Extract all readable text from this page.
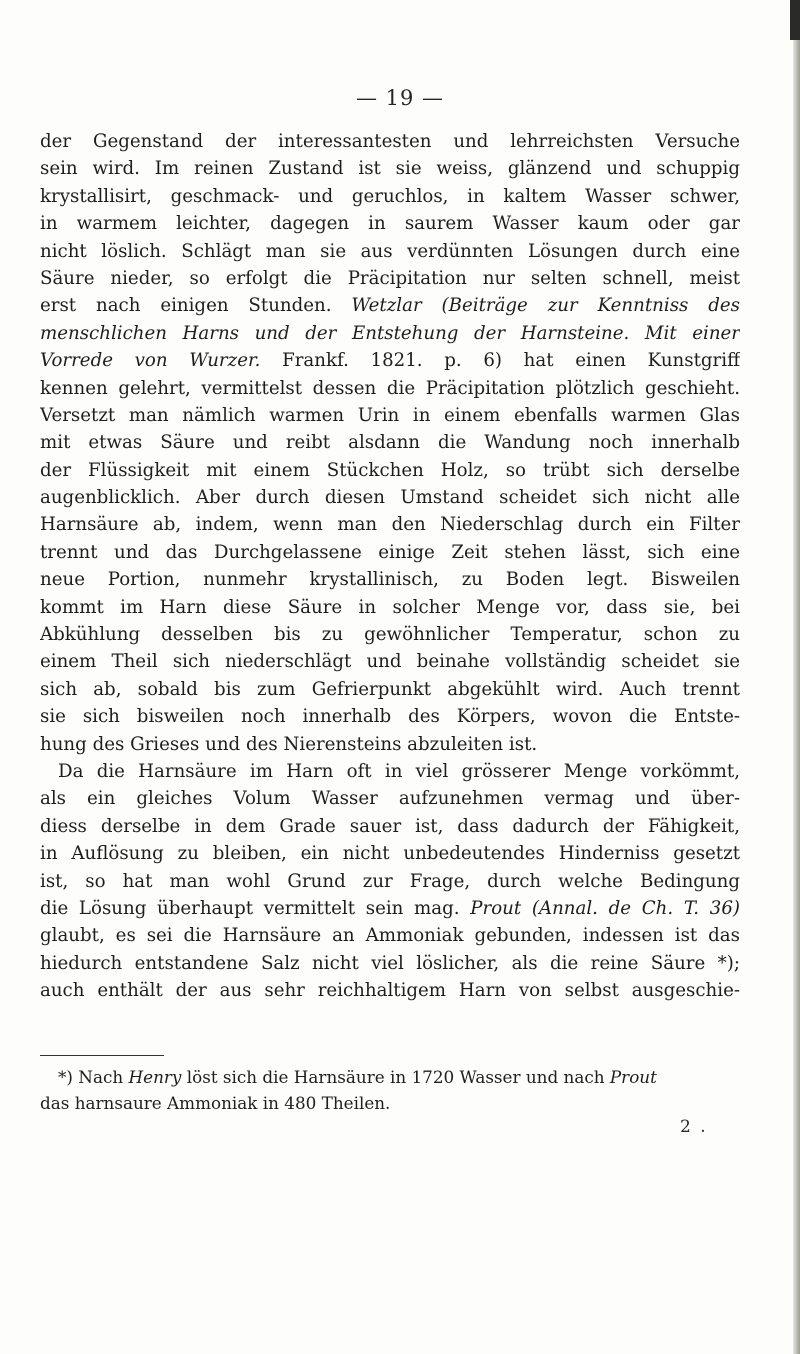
— 19 —
der Gegenstand der interessantesten und lehrreichsten Versuche
sein wird. Im reinen Zustand ist sie weiss, glänzend und schuppig
krystallisirt, geschmack- und geruchlos, in kaltem Wasser schwer,
in warmem leichter, dagegen in saurem Wasser kaum oder gar
nicht löslich. Schlägt man sie aus verdünnten Lösungen durch eine
Säure nieder, so erfolgt die Präcipitation nur selten schnell, meist
erst nach einigen Stunden. Wetzlar (Beiträge zur Kenntniss des
menschlichen Harns und der Entstehung der Harnsteine. Mit einer
Vorrede von Wurzer. Frankf. 1821. p. 6) hat einen Kunstgriff
kennen gelehrt, vermittelst dessen die Präcipitation plötzlich geschieht.
Versetzt man nämlich warmen Urin in einem ebenfalls warmen Glas
mit etwas Säure und reibt alsdann die Wandung noch innerhalb
der Flüssigkeit mit einem Stückchen Holz, so trübt sich derselbe
augenblicklich. Aber durch diesen Umstand scheidet sich nicht alle
Harnsäure ab, indem, wenn man den Niederschlag durch ein Filter
trennt und das Durchgelassene einige Zeit stehen lässt, sich eine
neue Portion, nunmehr krystallinisch, zu Boden legt. Bisweilen
kommt im Harn diese Säure in solcher Menge vor, dass sie, bei
Abkühlung desselben bis zu gewöhnlicher Temperatur, schon zu
einem Theil sich niederschlägt und beinahe vollständig scheidet sie
sich ab, sobald bis zum Gefrierpunkt abgekühlt wird. Auch trennt
sie sich bisweilen noch innerhalb des Körpers, wovon die Entste-
hung des Grieses und des Nierensteins abzuleiten ist.
Da die Harnsäure im Harn oft in viel grösserer Menge vorkömmt,
als ein gleiches Volum Wasser aufzunehmen vermag und über-
diess derselbe in dem Grade sauer ist, dass dadurch der Fähigkeit,
in Auflösung zu bleiben, ein nicht unbedeutendes Hinderniss gesetzt
ist, so hat man wohl Grund zur Frage, durch welche Bedingung
die Lösung überhaupt vermittelt sein mag. Prout (Annal. de Ch. T. 36)
glaubt, es sei die Harnsäure an Ammoniak gebunden, indessen ist das
hiedurch entstandene Salz nicht viel löslicher, als die reine Säure *);
auch enthält der aus sehr reichhaltigem Harn von selbst ausgeschie-
*) Nach Henry löst sich die Harnsäure in 1720 Wasser und nach Prout
das harnsaure Ammoniak in 480 Theilen.
2 .
